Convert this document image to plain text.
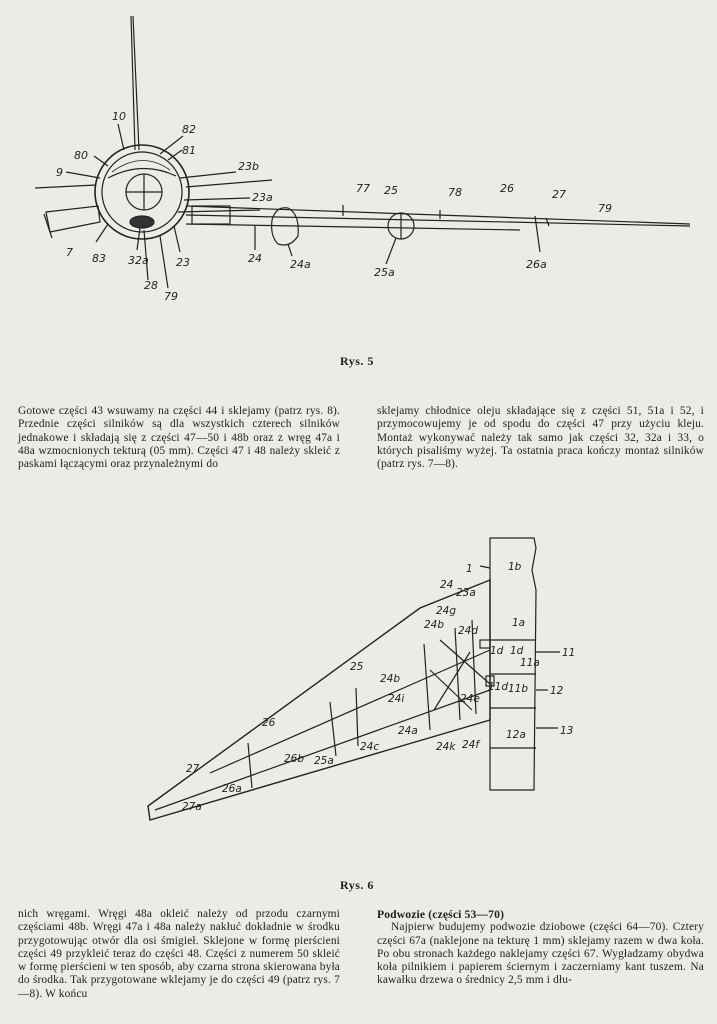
10
82
81
80
9	23b
23a
77 25	78	26	27
79
7 83 32a
28
79
23	24	24a
25a
26a
Rys. 5

Gotowe części 43 wsuwamy na części 44 i sklejamy (patrz rys. 8). Przednie części silników są dla wszystkich czterech silników jednakowe i składają się z części 47—50 i 48b oraz z wręg 47a i 48a wzmocnionych tekturą (05 mm). Części 47 i 48 należy skleić z paskami łączącymi oraz przynależnymi do

sklejamy chłodnice oleju składające się z części 51, 51a i 52, i przymocowujemy je od spodu do części 47 przy użyciu kleju. Montaż wykonywać należy tak samo jak części 32, 32a i 33, o których pisaliśmy wyżej. Ta ostatnia praca kończy montaż silników (patrz rys. 7—8).

1	1b
24
23a
24g
24b 24d
1a
1d 1d	11
11a
25
24b
24i
11d 11b 12
24e
26
24a
24k 24f
12a	13
24c
25a
26b
27
26a
27a
Rys. 6

nich wręgami. Wręgi 48a okleić należy od przodu czarnymi częściami 48b. Wręgi 47a i 48a należy nakłuć dokładnie w środku przygotowując otwór dla osi śmigieł. Sklejone w formę pierścieni części 49 przykleić teraz do części 48. Części z numerem 50 skleić w formę pierścieni w ten sposób, aby czarna strona skierowana była do środka. Tak przygotowane wklejamy je do części 49 (patrz rys. 7—8). W końcu

Podwozie (części 53—70)

Najpierw budujemy podwozie dziobowe (części 64—70). Cztery części 67a (naklejone na tekturę 1 mm) sklejamy razem w dwa koła. Po obu stronach każdego naklejamy części 67. Wygładzamy obydwa koła pilnikiem i papierem ściernym i zaczerniamy kant tuszem. Na kawałku drzewa o średnicy 2,5 mm i dłu-
